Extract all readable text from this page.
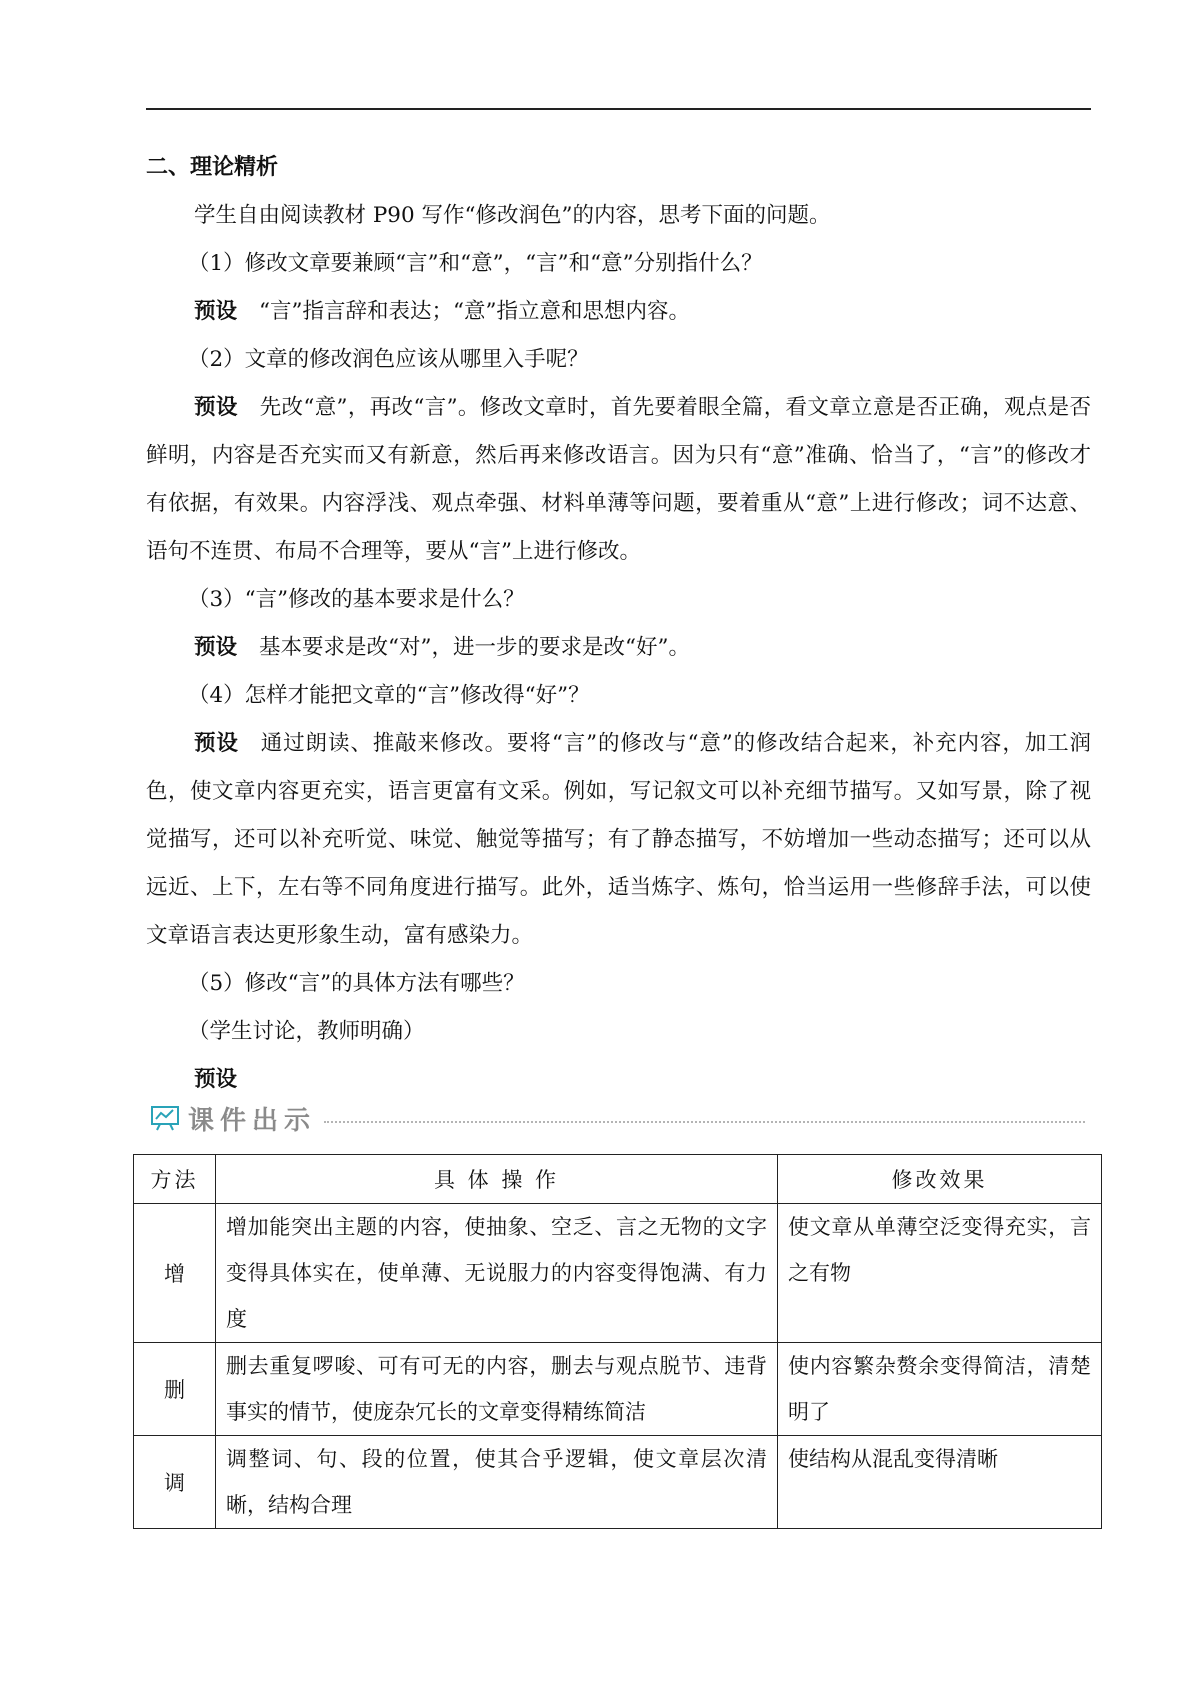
二、理论精析

学生自由阅读教材 P90 写作“修改润色”的内容，思考下面的问题。

（1）修改文章要兼顾“言”和“意”，“言”和“意”分别指什么？

预设 “言”指言辞和表达；“意”指立意和思想内容。

（2）文章的修改润色应该从哪里入手呢？

预设 先改“意”，再改“言”。修改文章时，首先要着眼全篇，看文章立意是否正确，观点是否鲜明，内容是否充实而又有新意，然后再来修改语言。因为只有“意”准确、恰当了，“言”的修改才有依据，有效果。内容浮浅、观点牵强、材料单薄等问题，要着重从“意”上进行修改；词不达意、语句不连贯、布局不合理等，要从“言”上进行修改。

（3）“言”修改的基本要求是什么？

预设 基本要求是改“对”，进一步的要求是改“好”。

（4）怎样才能把文章的“言”修改得“好”？

预设 通过朗读、推敲来修改。要将“言”的修改与“意”的修改结合起来，补充内容，加工润色，使文章内容更充实，语言更富有文采。例如，写记叙文可以补充细节描写。又如写景，除了视觉描写，还可以补充听觉、味觉、触觉等描写；有了静态描写，不妨增加一些动态描写；还可以从远近、上下，左右等不同角度进行描写。此外，适当炼字、炼句，恰当运用一些修辞手法，可以使文章语言表达更形象生动，富有感染力。

（5）修改“言”的具体方法有哪些？

（学生讨论，教师明确）

预设

课件出示
方法	具 体 操 作	修改效果
增	增加能突出主题的内容，使抽象、空乏、言之无物的文字变得具体实在，使单薄、无说服力的内容变得饱满、有力度	使文章从单薄空泛变得充实，言之有物
删	删去重复啰唆、可有可无的内容，删去与观点脱节、违背事实的情节，使庞杂冗长的文章变得精练简洁	使内容繁杂赘余变得简洁，清楚明了
调	调整词、句、段的位置，使其合乎逻辑，使文章层次清晰，结构合理	使结构从混乱变得清晰
